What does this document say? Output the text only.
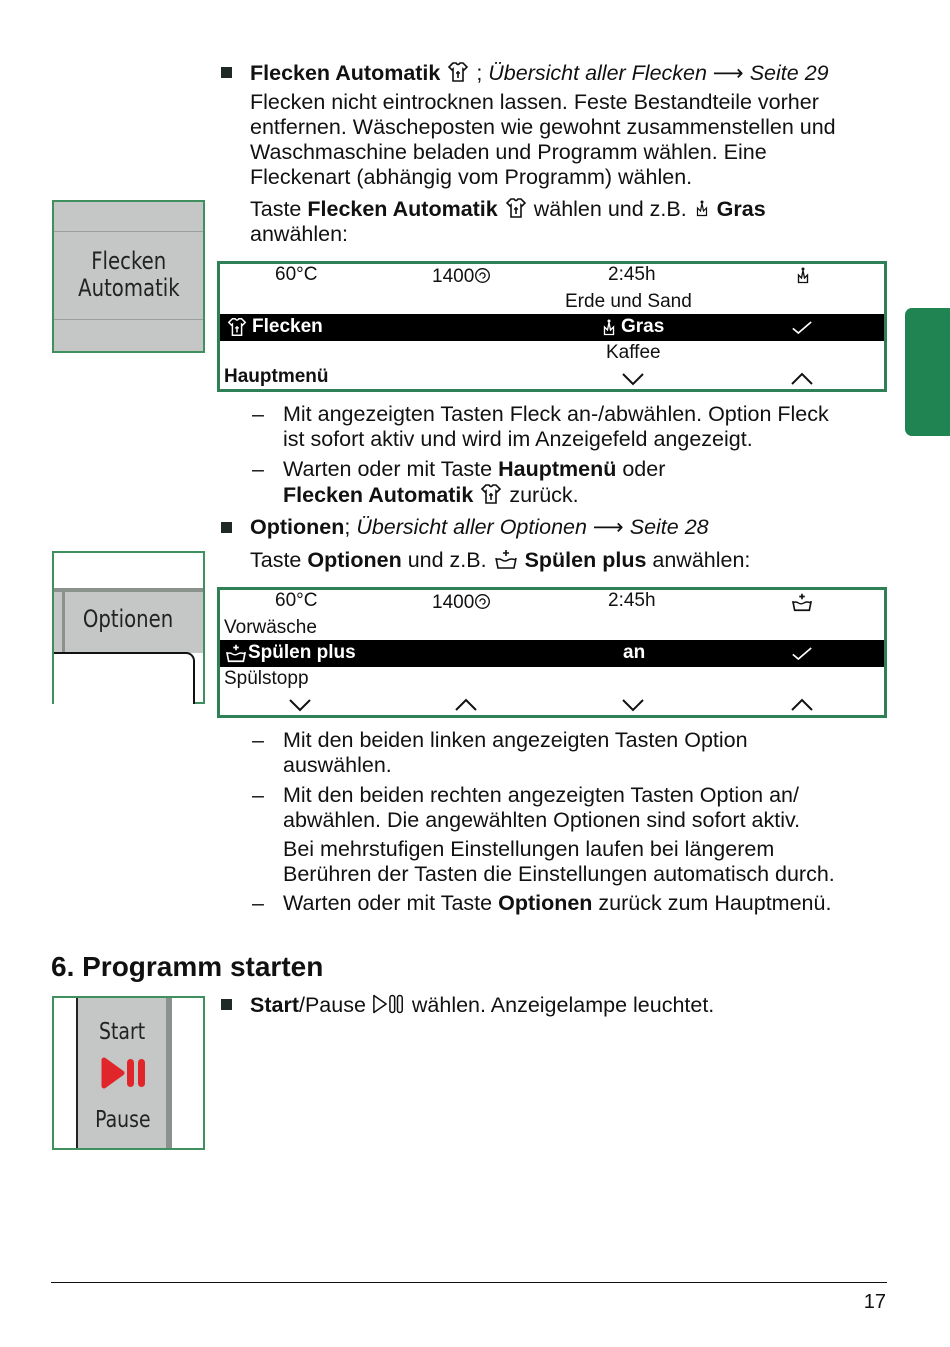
Flecken Automatik  ; Übersicht aller Flecken ⟶ Seite 29
Flecken nicht eintrocknen lassen. Feste Bestandteile vorher
entfernen. Wäscheposten wie gewohnt zusammenstellen und
Waschmaschine beladen und Programm wählen. Eine
Fleckenart (abhängig vom Programm) wählen.
Taste Flecken Automatik  wählen und z.B.  Gras
anwählen:
Flecken
Automatik	60°C	1400	2:45h
Erde und Sand
Flecken	Gras
Kaffee
Hauptmenü
– Mit angezeigten Tasten Fleck an-/abwählen. Option Fleck
ist sofort aktiv und wird im Anzeigefeld angezeigt.
– Warten oder mit Taste Hauptmenü oder
Flecken Automatik  zurück.
Optionen; Übersicht aller Optionen ⟶ Seite 28
Taste Optionen und z.B.  Spülen plus anwählen:
Optionen
60°C	1400	2:45h
Vorwäsche
Spülen plus	an
Spülstopp
– Mit den beiden linken angezeigten Tasten Option
auswählen.
– Mit den beiden rechten angezeigten Tasten Option an/
abwählen. Die angewählten Optionen sind sofort aktiv.
Bei mehrstufigen Einstellungen laufen bei längerem
Berühren der Tasten die Einstellungen automatisch durch.
– Warten oder mit Taste Optionen zurück zum Hauptmenü.
6. Programm starten
Start/Pause  wählen. Anzeigelampe leuchtet.
Start
Pause
17
